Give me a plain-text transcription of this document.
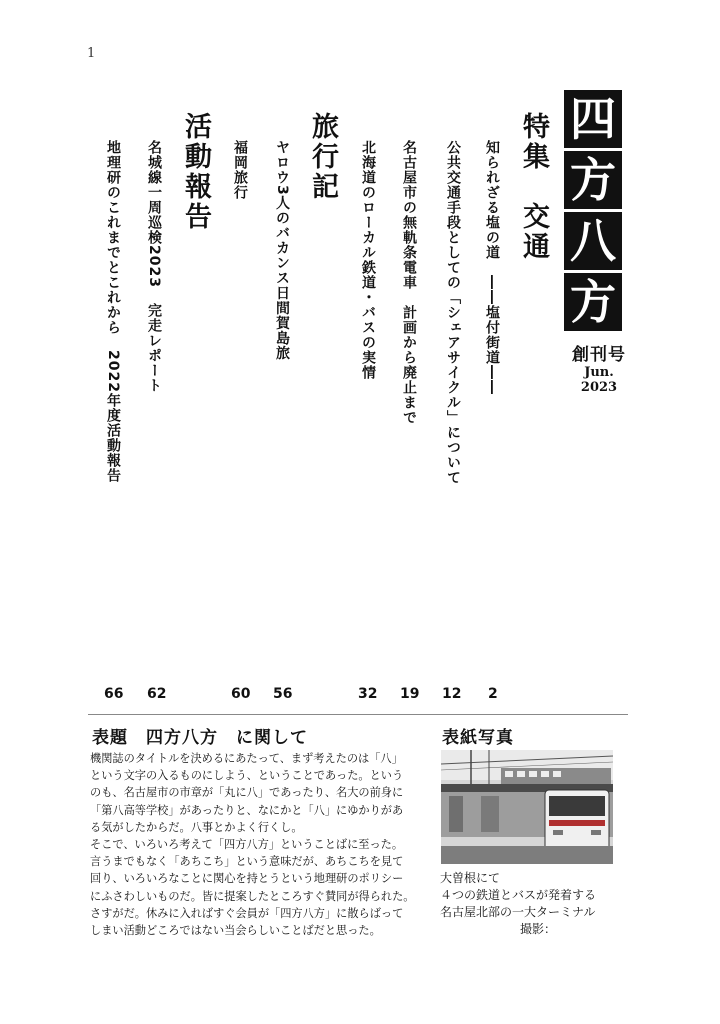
1
四
方
八
方
創刊号
Jun. 2023
特集　交通
知られざる塩の道　――塩付街道――
公共交通手段としての「シェアサイクル」について
名古屋市の無軌条電車　計画から廃止まで
北海道のローカル鉄道・バスの実情
旅行記
ヤロウ3人のバカンス日間賀島旅
福岡旅行
活動報告
名城線一周巡検2023　完走レポート
地理研のこれまでとこれから　2022年度活動報告
2
12
19
32
56
60
62
66
表題　四方八方　に関して

機関誌のタイトルを決めるにあたって、まず考えたのは「八」

という文字の入るものにしよう、ということであった。という

のも、名古屋市の市章が「丸に八」であったり、名大の前身に

「第八高等学校」があったりと、なにかと「八」にゆかりがあ

る気がしたからだ。八事とかよく行くし。

そこで、いろいろ考えて「四方八方」ということばに至った。

言うまでもなく「あちこち」という意味だが、あちこちを見て

回り、いろいろなことに関心を持とうという地理研のポリシー

にふさわしいものだ。皆に提案したところすぐ賛同が得られた。

さすがだ。休みに入ればすぐ会員が「四方八方」に散らばって

しまい活動どころではない当会らしいことばだと思った。

表紙写真

大曽根にて

４つの鉄道とバスが発着する

名古屋北部の一大ターミナル

撮影：
